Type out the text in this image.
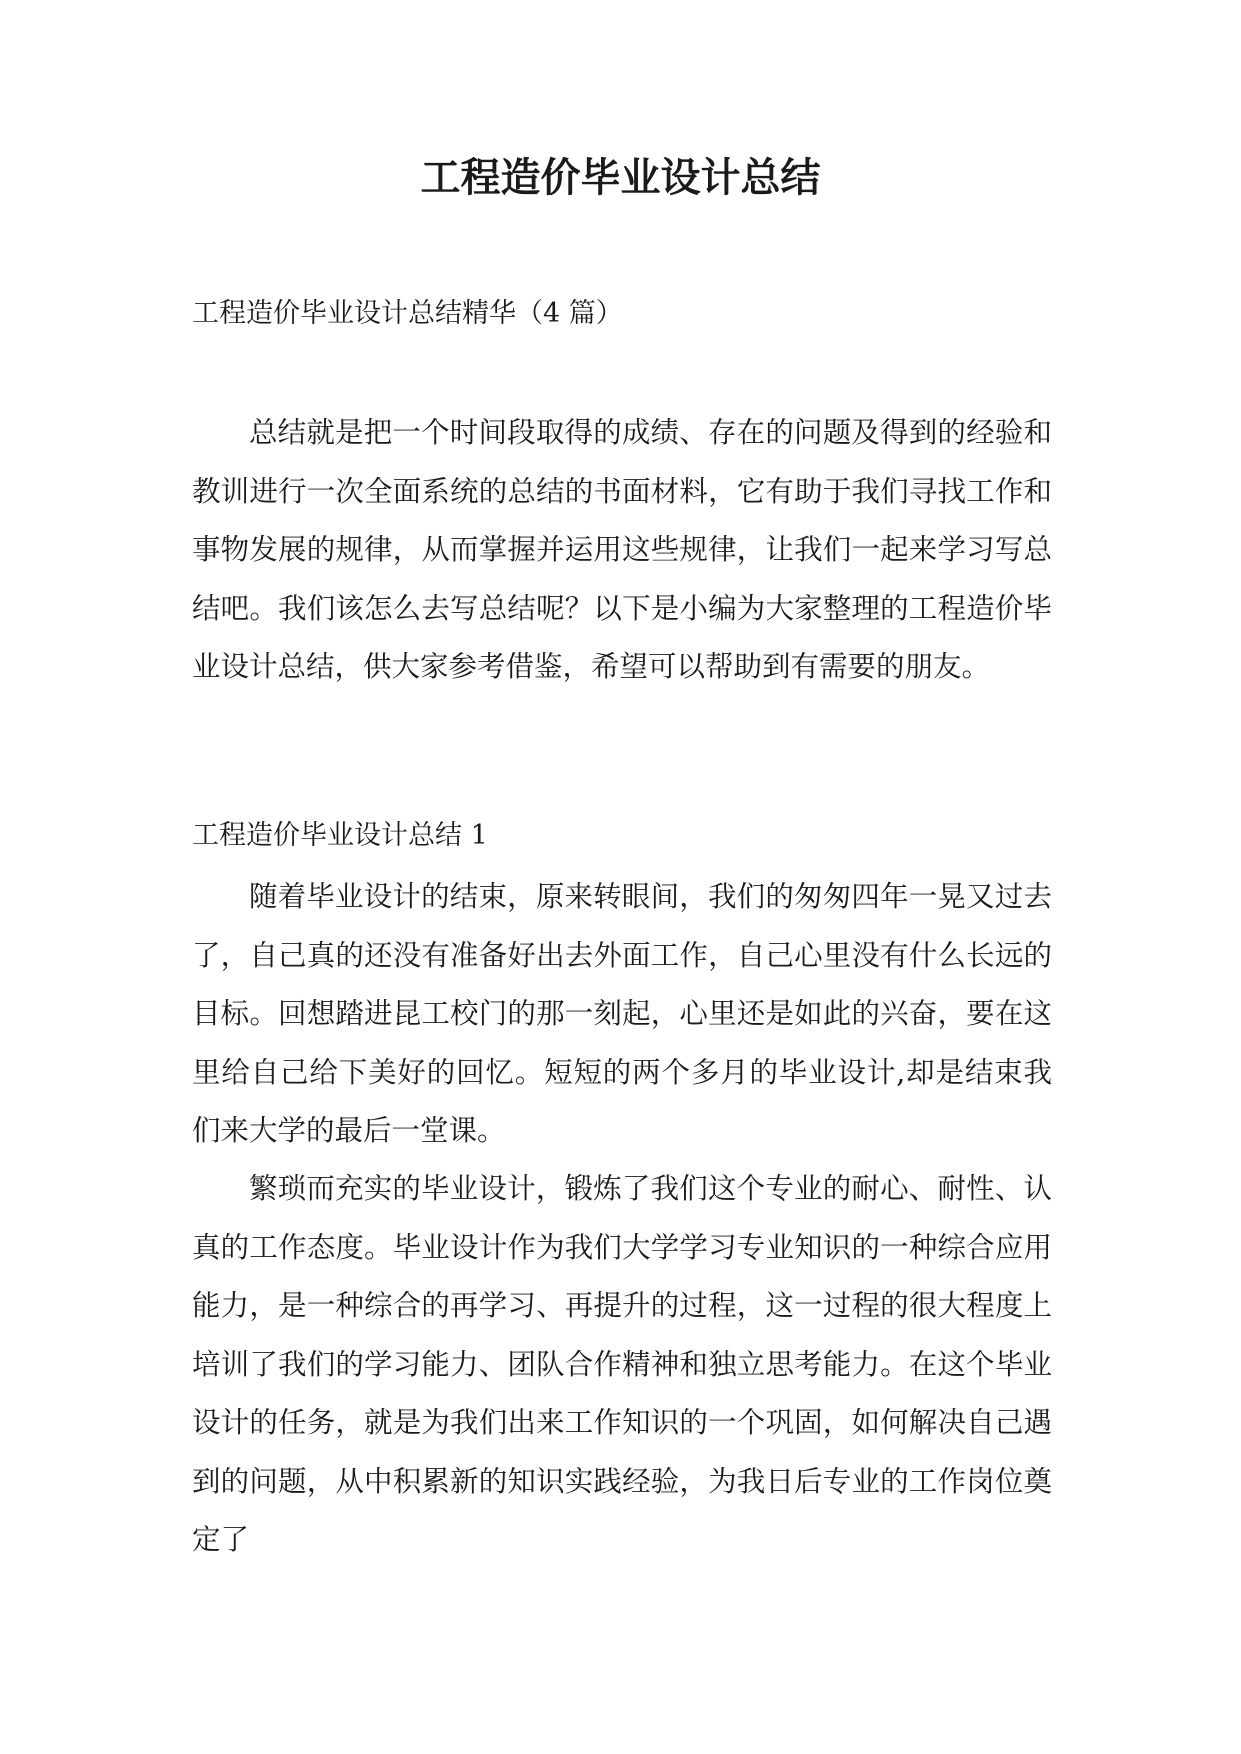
工程造价毕业设计总结

工程造价毕业设计总结精华（4 篇）

总结就是把一个时间段取得的成绩、存在的问题及得到的经验和教训进行一次全面系统的总结的书面材料，它有助于我们寻找工作和事物发展的规律，从而掌握并运用这些规律，让我们一起来学习写总结吧。我们该怎么去写总结呢？以下是小编为大家整理的工程造价毕业设计总结，供大家参考借鉴，希望可以帮助到有需要的朋友。

工程造价毕业设计总结 1

随着毕业设计的结束，原来转眼间，我们的匆匆四年一晃又过去了，自己真的还没有准备好出去外面工作，自己心里没有什么长远的目标。回想踏进昆工校门的那一刻起，心里还是如此的兴奋，要在这里给自己给下美好的回忆。短短的两个多月的毕业设计,却是结束我们来大学的最后一堂课。

繁琐而充实的毕业设计，锻炼了我们这个专业的耐心、耐性、认真的工作态度。毕业设计作为我们大学学习专业知识的一种综合应用能力，是一种综合的再学习、再提升的过程，这一过程的很大程度上培训了我们的学习能力、团队合作精神和独立思考能力。在这个毕业设计的任务，就是为我们出来工作知识的一个巩固，如何解决自己遇到的问题，从中积累新的知识实践经验，为我日后专业的工作岗位奠定了
